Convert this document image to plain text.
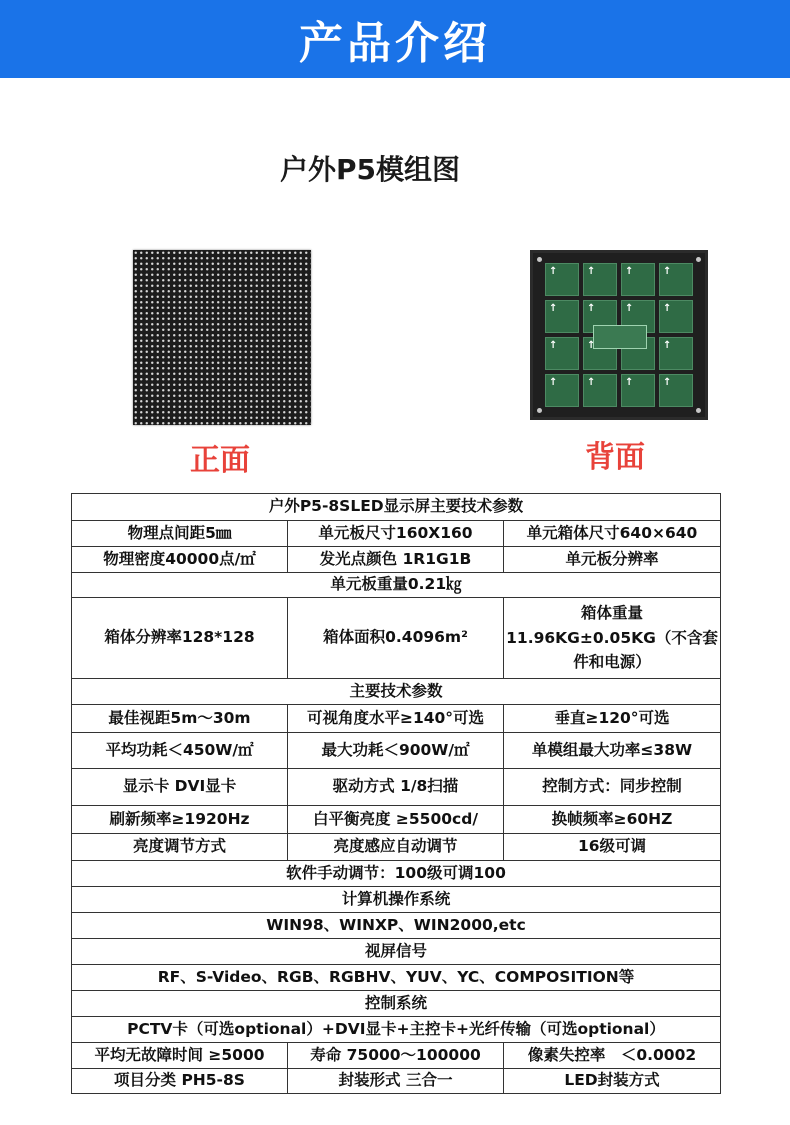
产品介绍
户外P5模组图
↑
↑
↑
↑
↑
↑
↑
↑
↑
↑
↑
↑
↑
↑
↑
↑
正面	背面
户外P5-8SLED显示屏主要技术参数		
物理点间距5㎜	单元板尺寸160X160	单元箱体尺寸640×640
物理密度40000点/㎡	发光点颜色 1R1G1B	单元板分辨率
单元板重量0.21㎏		
箱体分辨率128*128	箱体面积0.4096m²	箱体重量 11.96KG±0.05KG（不含套件和电源）
主要技术参数		
最佳视距5m～30m	可视角度水平≥140°可选	垂直≥120°可选
平均功耗＜450W/㎡	最大功耗＜900W/㎡	单模组最大功率≤38W
显示卡 DVI显卡	驱动方式 1/8扫描	控制方式：同步控制
刷新频率≥1920Hz	白平衡亮度 ≥5500cd/	换帧频率≥60HZ
亮度调节方式	亮度感应自动调节	16级可调
软件手动调节：100级可调100		
计算机操作系统		
WIN98、WINXP、WIN2000,etc		
视屏信号		
RF、S-Video、RGB、RGBHV、YUV、YC、COMPOSITION等		
控制系统		
PCTV卡（可选optional）+DVI显卡+主控卡+光纤传输（可选optional）		
平均无故障时间 ≥5000	寿命 75000～100000	像素失控率　＜0.0002
项目分类 PH5-8S	封装形式 三合一	LED封装方式
